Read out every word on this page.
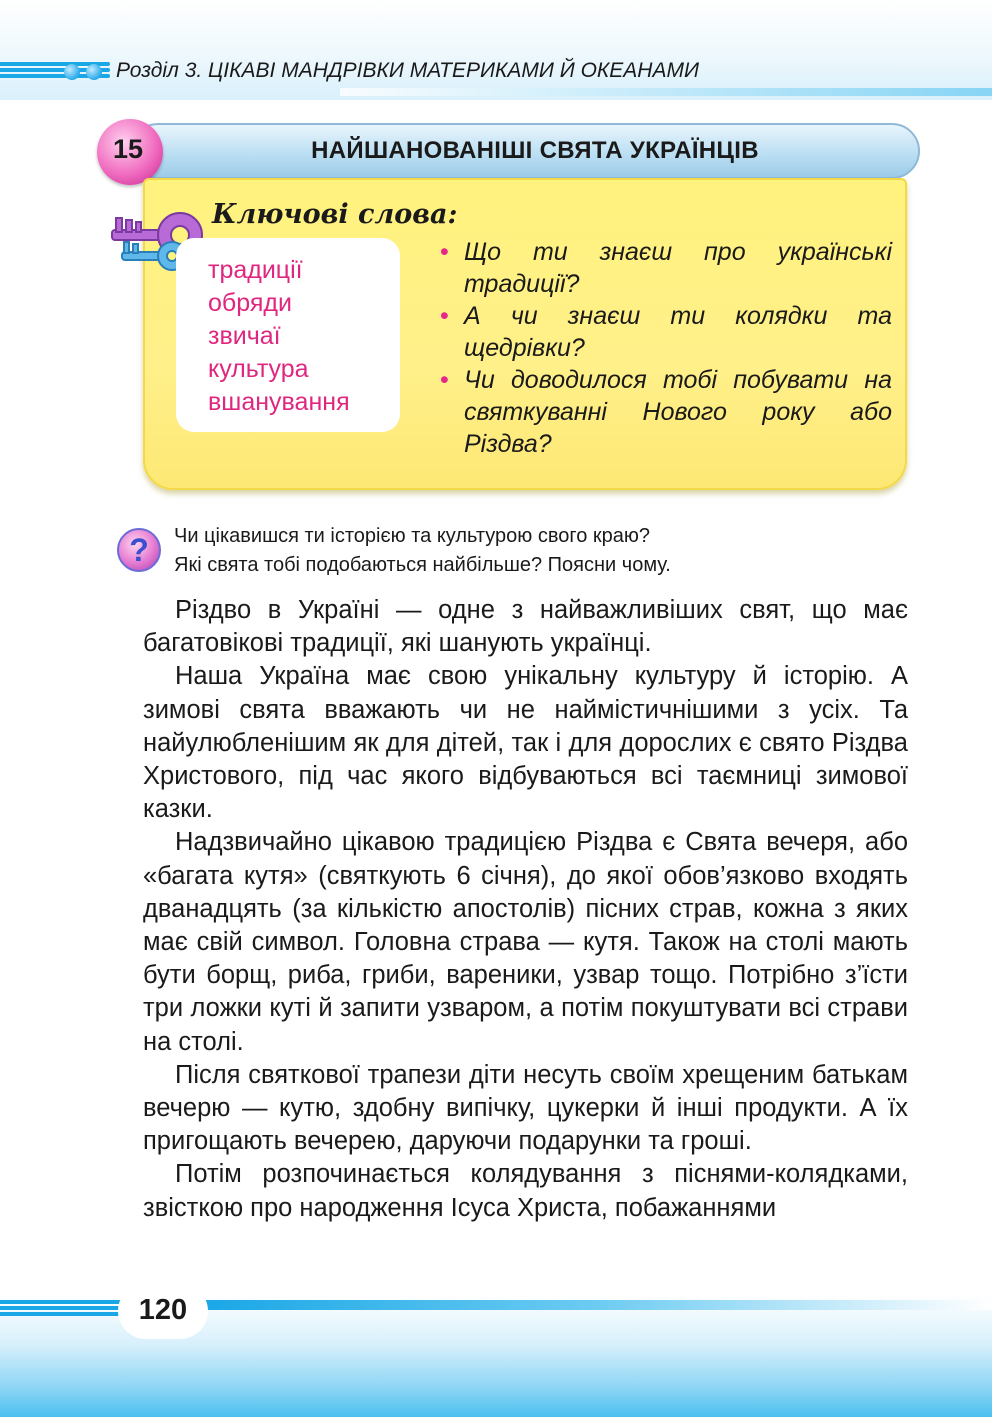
Розділ 3. ЦІКАВІ МАНДРІВКИ МАТЕРИКАМИ Й ОКЕАНАМИ
15	НАЙШАНОВАНІШІ СВЯТА УКРАЇНЦІВ
Ключові слова:
традиції
обряди
звичаї
культура
вшанування
• Що ти знаєш про українські традиції?
• А чи знаєш ти колядки та щедрівки?
• Чи доводилося тобі побувати на святкуванні Нового року або Різдва?
?	Чи цікавишся ти історією та культурою свого краю?

Які свята тобі подобаються найбільше? Поясни чому.

Різдво в Україні — одне з найважливіших свят, що має багатовікові традиції, які шанують українці.

Наша Україна має свою унікальну культуру й історію. А зимові свята вважають чи не наймістичнішими з усіх. Та найулюбленішим як для дітей, так і для дорослих є свято Різдва Христового, під час якого відбуваються всі таємниці зимової казки.

Надзвичайно цікавою традицією Різдва є Свята вечеря, або «багата кутя» (святкують 6 січня), до якої обов’язково входять дванадцять (за кількістю апостолів) пісних страв, кожна з яких має свій символ. Головна страва — кутя. Також на столі мають бути борщ, риба, гриби, вареники, узвар тощо. Потрібно з’їсти три ложки куті й запити узваром, а потім покуштувати всі страви на столі.

Після святкової трапези діти несуть своїм хрещеним батькам вечерю — кутю, здобну випічку, цукерки й інші продукти. А їх пригощають вечерею, даруючи подарунки та гроші.

Потім розпочинається колядування з піснями-колядками, звісткою про народження Ісуса Христа, побажаннями

120
